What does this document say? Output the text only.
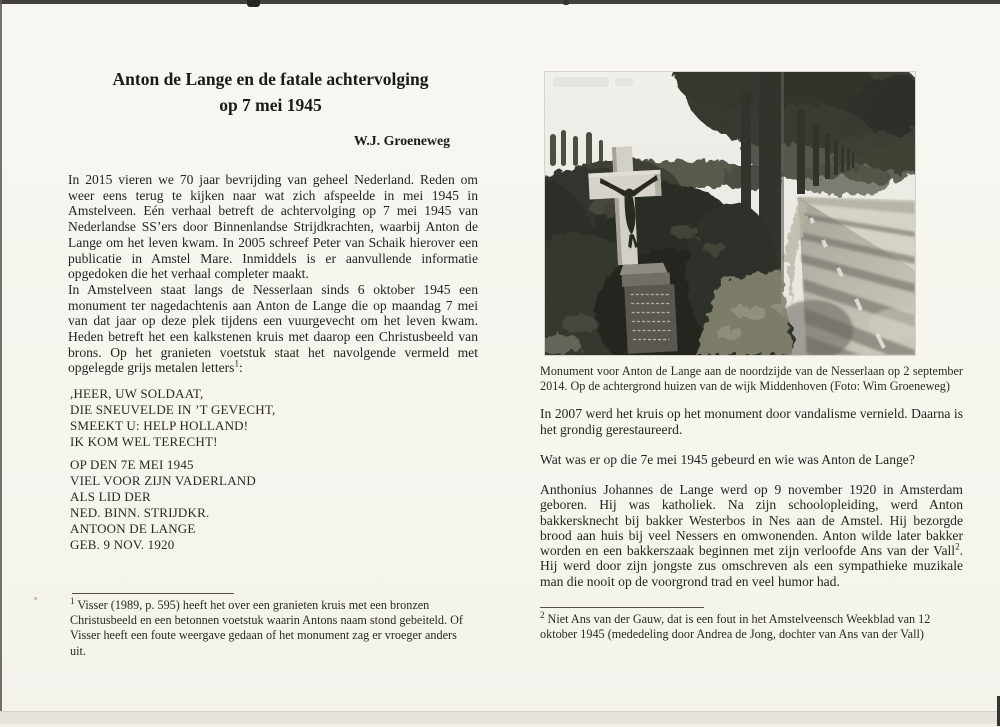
Anton de Lange en de fatale achtervolging
op 7 mei 1945
W.J. Groeneweg

In 2015 vieren we 70 jaar bevrijding van geheel Nederland. Reden om weer eens terug te kijken naar wat zich afspeelde in mei 1945 in Amstelveen. Eén verhaal betreft de achtervolging op 7 mei 1945 van Nederlandse SS’ers door Binnenlandse Strijdkrachten, waarbij Anton de Lange om het leven kwam. In 2005 schreef Peter van Schaik hierover een publicatie in Amstel Mare. Inmiddels is er aanvullende informatie opgedoken die het verhaal completer maakt.

In Amstelveen staat langs de Nesserlaan sinds 6 oktober 1945 een monument ter nagedachtenis aan Anton de Lange die op maandag 7 mei van dat jaar op deze plek tijdens een vuurgevecht om het leven kwam. Heden betreft het een kalkstenen kruis met daarop een Christusbeeld van brons. Op het granieten voetstuk staat het navolgende vermeld met opgelegde grijs metalen letters$^1$:

,HEER, UW SOLDAAT,
DIE SNEUVELDE IN ’T GEVECHT,
SMEEKT U: HELP HOLLAND!
IK KOM WEL TERECHT!
OP DEN 7E MEI 1945
VIEL VOOR ZIJN VADERLAND
ALS LID DER
NED. BINN. STRIJDKR.
ANTOON DE LANGE
GEB. 9 NOV. 1920
$^1$ Visser (1989, p. 595) heeft het over een granieten kruis met een bronzen Christusbeeld en een betonnen voetstuk waarin Antons naam stond gebeiteld. Of Visser heeft een foute weergave gedaan of het monument zag er vroeger anders uit.
Monument voor Anton de Lange aan de noordzijde van de Nesserlaan op 2 september 2014. Op de achtergrond huizen van de wijk Middenhoven (Foto: Wim Groeneweg)

In 2007 werd het kruis op het monument door vandalisme vernield. Daarna is het grondig gerestaureerd.

Wat was er op die 7e mei 1945 gebeurd en wie was Anton de Lange?

Anthonius Johannes de Lange werd op 9 november 1920 in Amsterdam geboren. Hij was katholiek. Na zijn schoolopleiding, werd Anton bakkersknecht bij bakker Westerbos in Nes aan de Amstel. Hij bezorgde brood aan huis bij veel Nessers en omwonenden. Anton wilde later bakker worden en een bakkerszaak beginnen met zijn verloofde Ans van der Vall$^2$. Hij werd door zijn jongste zus omschreven als een sympathieke muzikale man die nooit op de voorgrond trad en veel humor had.

$^2$ Niet Ans van der Gauw, dat is een fout in het Amstelveensch Weekblad van 12 oktober 1945 (mededeling door Andrea de Jong, dochter van Ans van der Vall)
